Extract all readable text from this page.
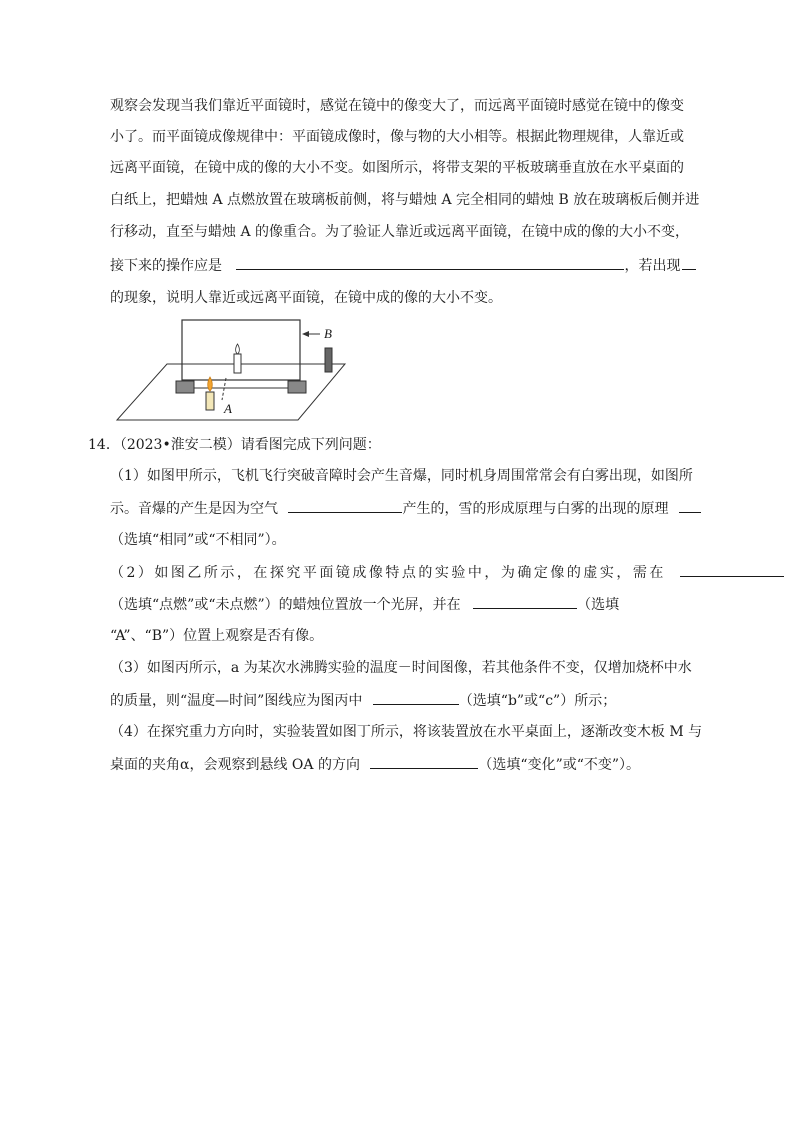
观察会发现当我们靠近平面镜时，感觉在镜中的像变大了，而远离平面镜时感觉在镜中的像变
小了。而平面镜成像规律中：平面镜成像时，像与物的大小相等。根据此物理规律，人靠近或
远离平面镜，在镜中成的像的大小不变。如图所示，将带支架的平板玻璃垂直放在水平桌面的
白纸上，把蜡烛 A 点燃放置在玻璃板前侧，将与蜡烛 A 完全相同的蜡烛 B 放在玻璃板后侧并进
行移动，直至与蜡烛 A 的像重合。为了验证人靠近或远离平面镜，在镜中成的像的大小不变，
接下来的操作应是	，若出现
的现象，说明人靠近或远离平面镜，在镜中成的像的大小不变。
B
A
14．（2023•淮安二模）请看图完成下列问题：
（1）如图甲所示，飞机飞行突破音障时会产生音爆，同时机身周围常常会有白雾出现，如图所
示。音爆的产生是因为空气	产生的，雪的形成原理与白雾的出现的原理
（选填“相同”或“不相同”）。
（2）如图乙所示，在探究平面镜成像特点的实验中，为确定像的虚实，需在
（选填“点燃”或“未点燃”）的蜡烛位置放一个光屏，并在	（选填
“A”、“B”）位置上观察是否有像。
（3）如图丙所示，a 为某次水沸腾实验的温度－时间图像，若其他条件不变，仅增加烧杯中水
的质量，则“温度—时间”图线应为图丙中	（选填“b”或“c”）所示；
（4）在探究重力方向时，实验装置如图丁所示，将该装置放在水平桌面上，逐渐改变木板 M 与
桌面的夹角α，会观察到悬线 OA 的方向	（选填“变化”或“不变”）。
